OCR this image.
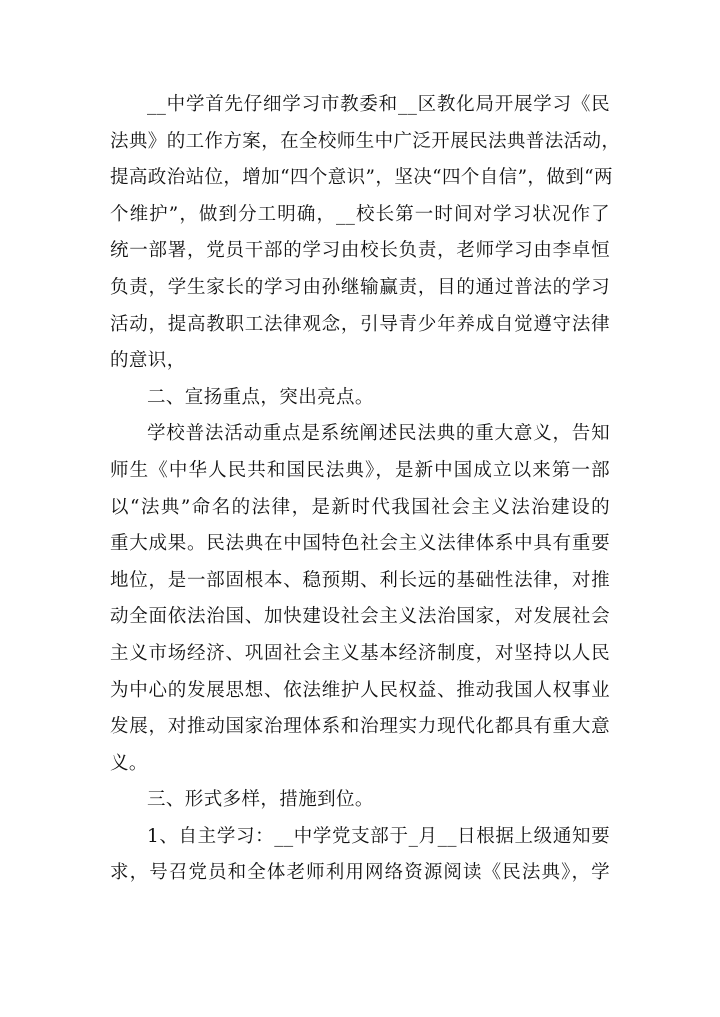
__中学首先仔细学习市教委和__区教化局开展学习《民
法典》的工作方案，在全校师生中广泛开展民法典普法活动，
提高政治站位，增加“四个意识”，坚决“四个自信”，做到“两
个维护”，做到分工明确，__校长第一时间对学习状况作了
统一部署，党员干部的学习由校长负责，老师学习由李卓恒
负责，学生家长的学习由孙继输赢责，目的通过普法的学习
活动，提高教职工法律观念，引导青少年养成自觉遵守法律
的意识，
二、宣扬重点，突出亮点。
学校普法活动重点是系统阐述民法典的重大意义，告知
师生《中华人民共和国民法典》，是新中国成立以来第一部
以“法典”命名的法律，是新时代我国社会主义法治建设的
重大成果。民法典在中国特色社会主义法律体系中具有重要
地位，是一部固根本、稳预期、利长远的基础性法律，对推
动全面依法治国、加快建设社会主义法治国家，对发展社会
主义市场经济、巩固社会主义基本经济制度，对坚持以人民
为中心的发展思想、依法维护人民权益、推动我国人权事业
发展，对推动国家治理体系和治理实力现代化都具有重大意
义。
三、形式多样，措施到位。
1、自主学习：__中学党支部于_月__日根据上级通知要
求，号召党员和全体老师利用网络资源阅读《民法典》，学
